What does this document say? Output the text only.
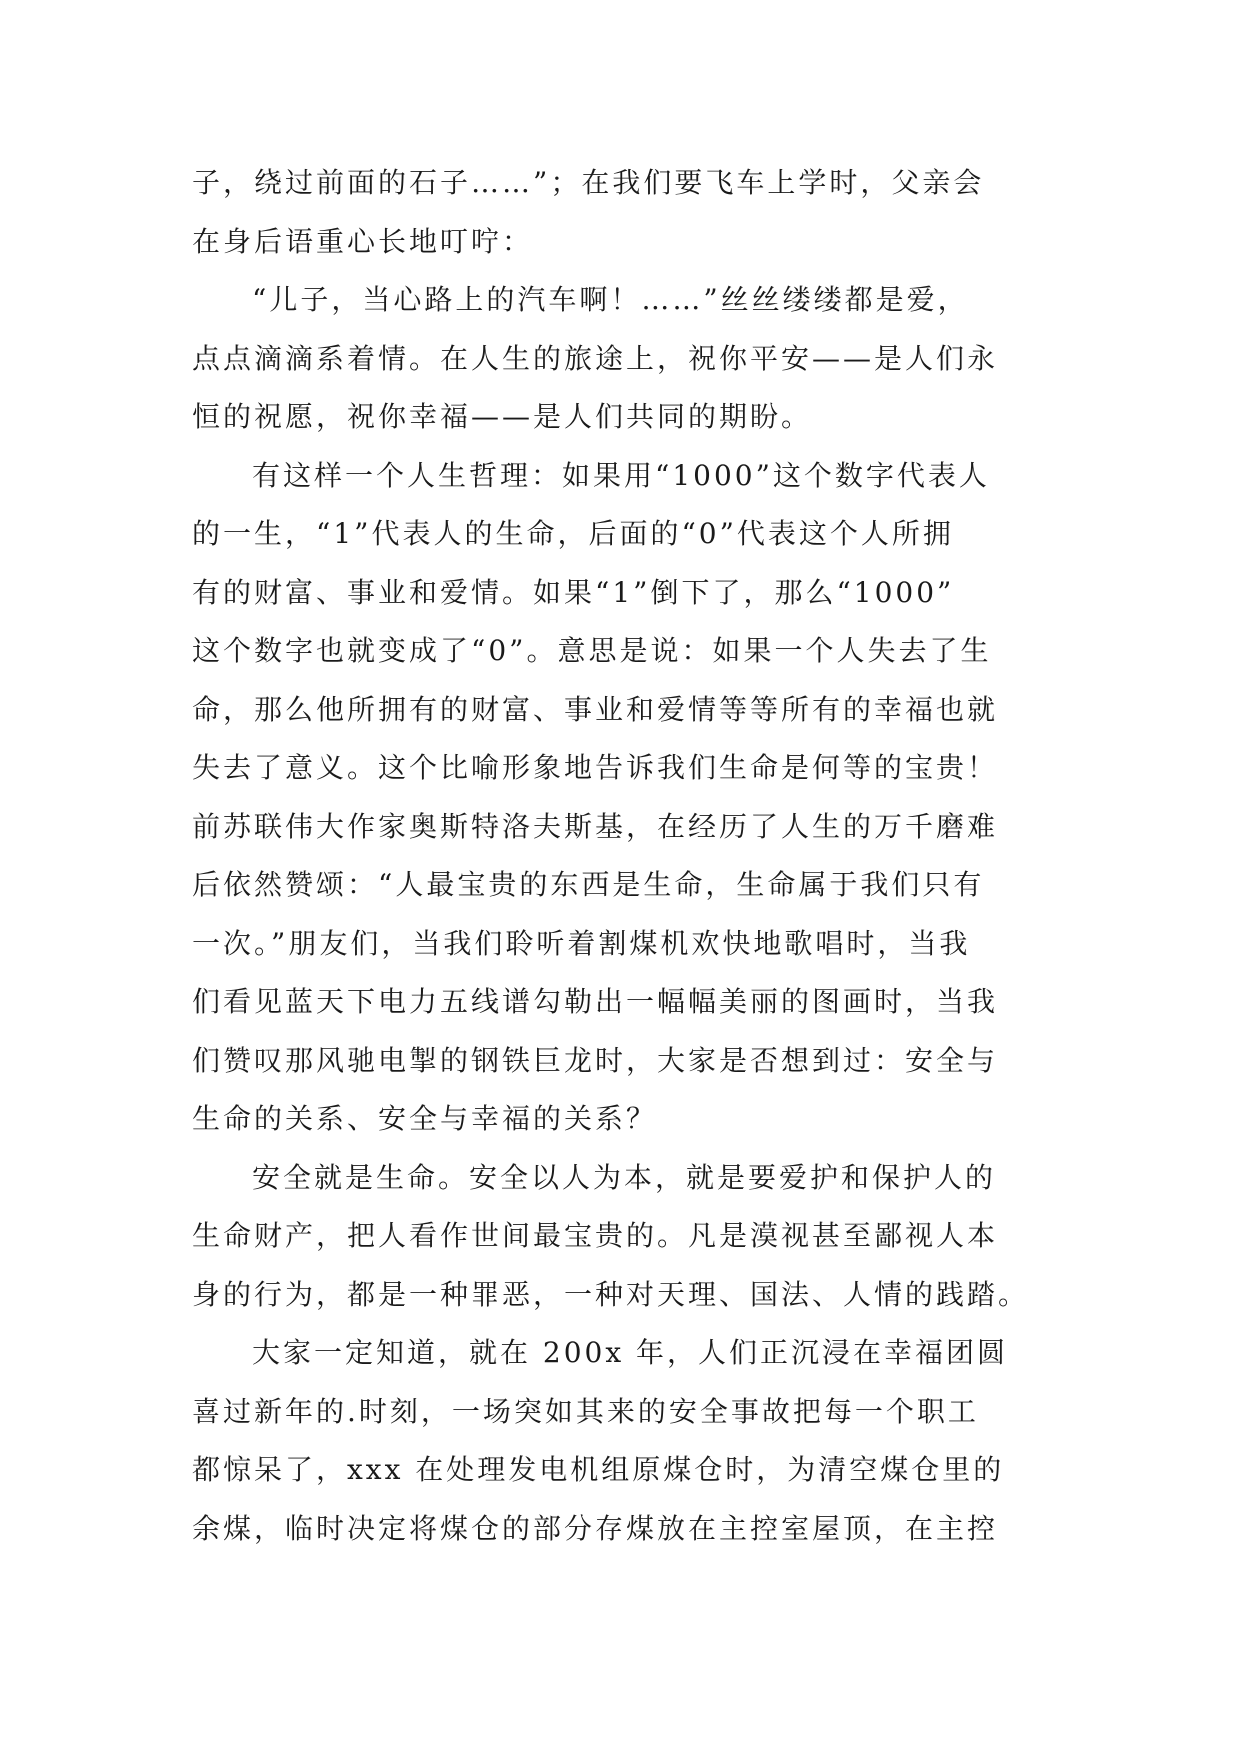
子，绕过前面的石子……”；在我们要飞车上学时，父亲会
在身后语重心长地叮咛：
“儿子，当心路上的汽车啊！……”丝丝缕缕都是爱，
点点滴滴系着情。在人生的旅途上，祝你平安——是人们永
恒的祝愿，祝你幸福——是人们共同的期盼。
有这样一个人生哲理：如果用“1000”这个数字代表人
的一生，“1”代表人的生命，后面的“0”代表这个人所拥
有的财富、事业和爱情。如果“1”倒下了，那么“1000”
这个数字也就变成了“0”。意思是说：如果一个人失去了生
命，那么他所拥有的财富、事业和爱情等等所有的幸福也就
失去了意义。这个比喻形象地告诉我们生命是何等的宝贵！
前苏联伟大作家奥斯特洛夫斯基，在经历了人生的万千磨难
后依然赞颂：“人最宝贵的东西是生命，生命属于我们只有
一次。”朋友们，当我们聆听着割煤机欢快地歌唱时，当我
们看见蓝天下电力五线谱勾勒出一幅幅美丽的图画时，当我
们赞叹那风驰电掣的钢铁巨龙时，大家是否想到过：安全与
生命的关系、安全与幸福的关系？
安全就是生命。安全以人为本，就是要爱护和保护人的
生命财产，把人看作世间最宝贵的。凡是漠视甚至鄙视人本
身的行为，都是一种罪恶，一种对天理、国法、人情的践踏。
大家一定知道，就在 200x 年，人们正沉浸在幸福团圆
喜过新年的.时刻，一场突如其来的安全事故把每一个职工
都惊呆了，xxx 在处理发电机组原煤仓时，为清空煤仓里的
余煤，临时决定将煤仓的部分存煤放在主控室屋顶，在主控
